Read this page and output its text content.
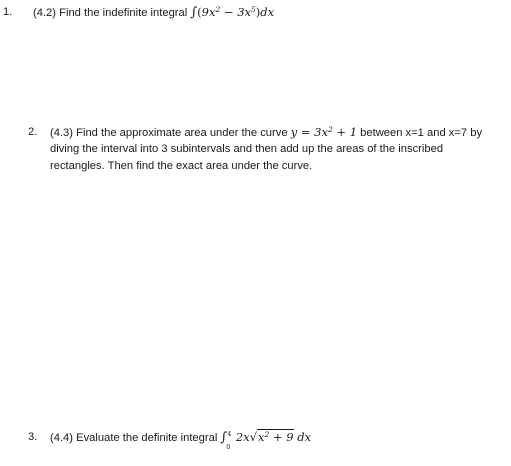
1. (4.2) Find the indefinite integral $\int(9x^2 - 3x^5)dx$
2. (4.3) Find the approximate area under the curve $y = 3x^2 + 1$ between x=1 and x=7 by
diving the interval into 3 subintervals and then add up the areas of the inscribed
rectangles. Then find the exact area under the curve.
3. (4.4) Evaluate the definite integral ∫ 4
0
$2x√x^2 + 9$ dx
